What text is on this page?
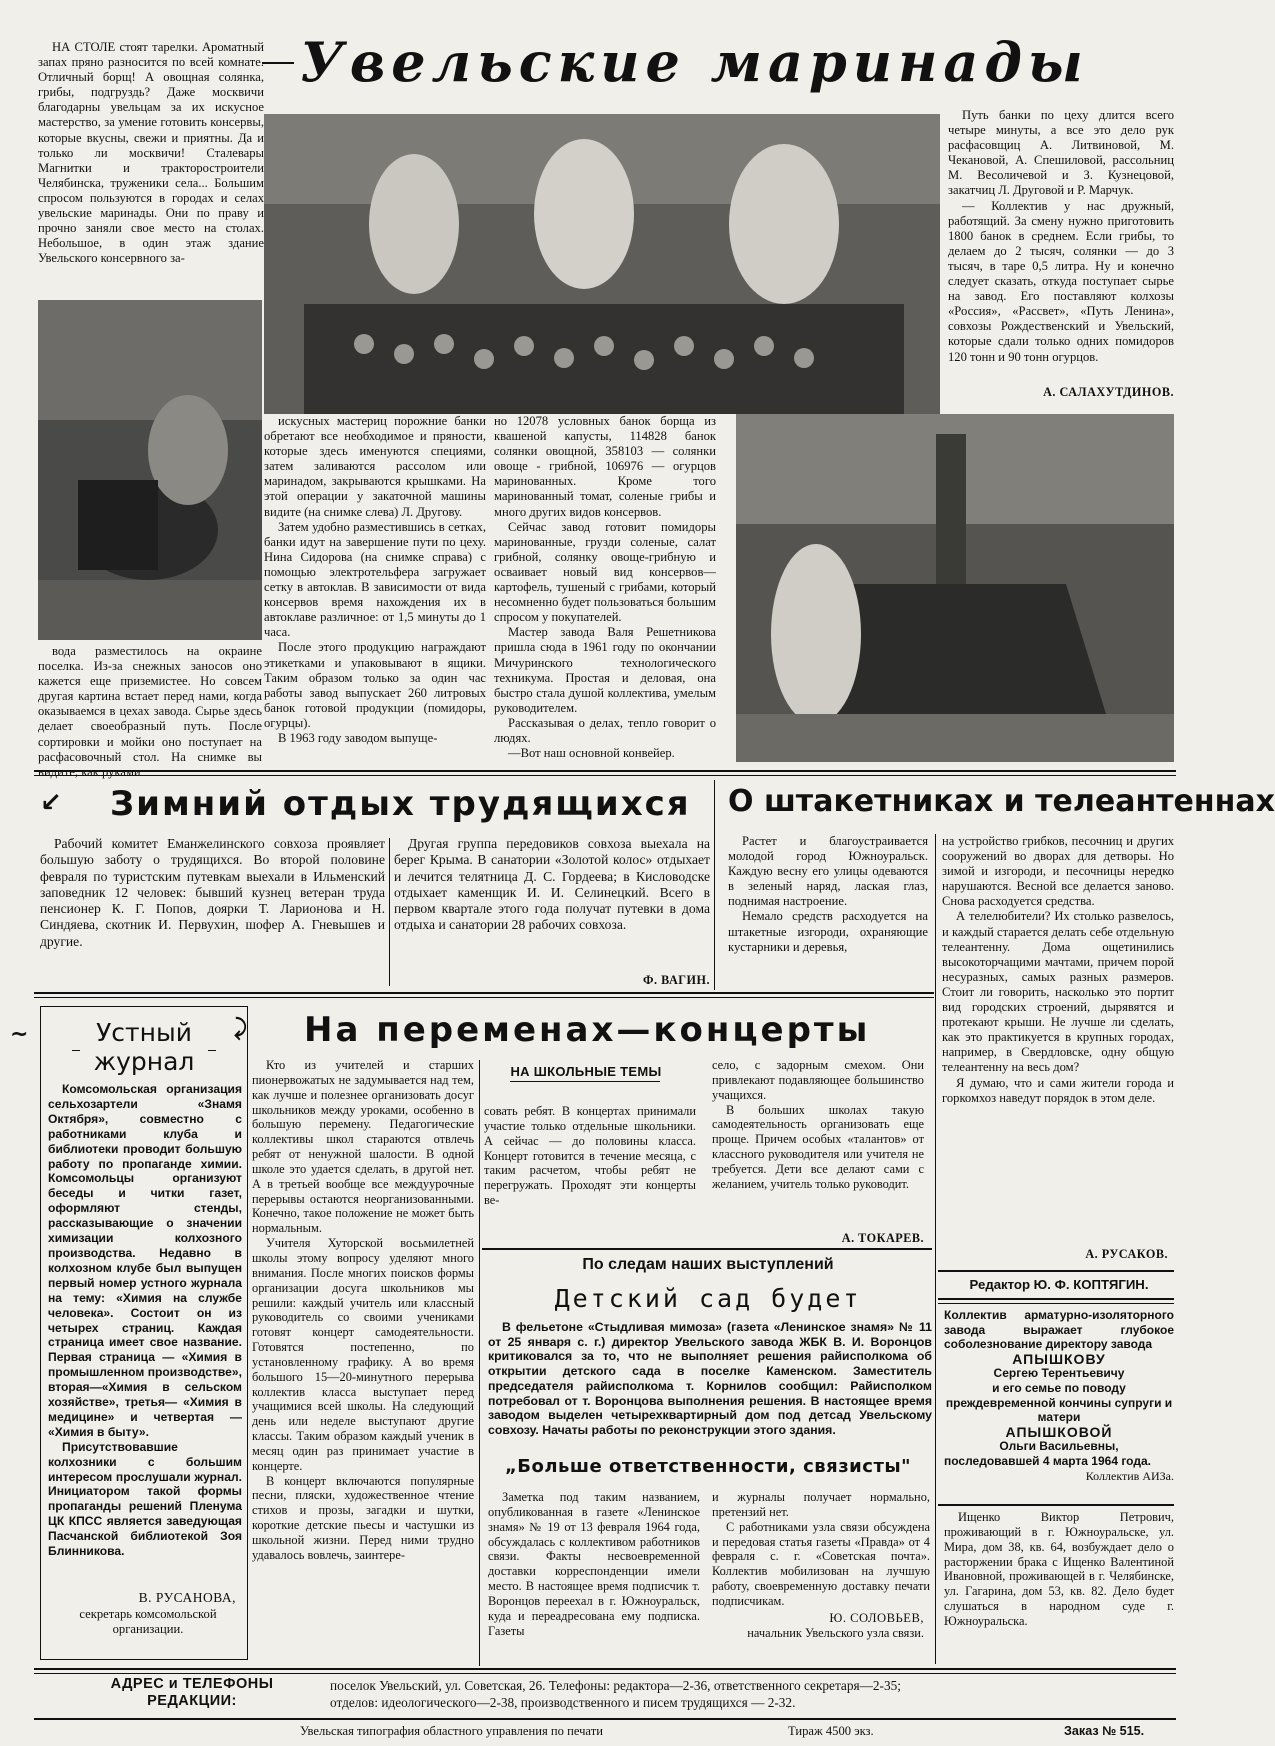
Увельские маринады

НА СТОЛЕ стоят тарелки. Ароматный запах пряно разносится по всей комнате. Отличный борщ! А овощная солянка, грибы, подгруздь? Даже москвичи благодарны увельцам за их искусное мастерство, за умение готовить консервы, которые вкусны, свежи и приятны. Да и только ли москвичи! Сталевары Магнитки и тракторостроители Челябинска, труженики села... Большим спросом пользуются в городах и селах увельские маринады. Они по праву и прочно заняли свое место на столах. Небольшое, в один этаж здание Увельского консервного за-

вода разместилось на окраине поселка. Из-за снежных заносов оно кажется еще приземистее. Но совсем другая картина встает перед нами, когда оказываемся в цехах завода. Сырье здесь делает своеобразный путь. После сортировки и мойки оно поступает на расфасовочный стол. На снимке вы видите, как руками

искусных мастериц порожние банки обретают все необходимое и пряности, которые здесь именуются специями, затем заливаются рассолом или маринадом, закрываются крышками. На этой операции у закаточной машины видите (на снимке слева) Л. Другову.

Затем удобно разместившись в сетках, банки идут на завершение пути по цеху. Нина Сидорова (на снимке справа) с помощью электротельфера загружает сетку в автоклав. В зависимости от вида консервов время нахождения их в автоклаве различное: от 1,5 минуты до 1 часа.

После этого продукцию награждают этикетками и упаковывают в ящики. Таким образом только за один час работы завод выпускает 260 литровых банок готовой продукции (помидоры, огурцы).

В 1963 году заводом выпуще-

но 12078 условных банок борща из квашеной капусты, 114828 банок солянки овощной, 358103 — солянки овоще - грибной, 106976 — огурцов маринованных. Кроме того маринованный томат, соленые грибы и много других видов консервов.

Сейчас завод готовит помидоры маринованные, грузди соленые, салат грибной, солянку овоще-грибную и осваивает новый вид консервов—картофель, тушеный с грибами, который несомненно будет пользоваться большим спросом у покупателей.

Мастер завода Валя Решетникова пришла сюда в 1961 году по окончании Мичуринского технологического техникума. Простая и деловая, она быстро стала душой коллектива, умелым руководителем.

Рассказывая о делах, тепло говорит о людях.

—Вот наш основной конвейер.

Путь банки по цеху длится всего четыре минуты, а все это дело рук расфасовщиц А. Литвиновой, М. Чекановой, А. Спешиловой, рассольниц М. Весоличевой и З. Кузнецовой, закатчиц Л. Друговой и Р. Марчук.

— Коллектив у нас дружный, работящий. За смену нужно приготовить 1800 банок в среднем. Если грибы, то делаем до 2 тысяч, солянки — до 3 тысяч, в таре 0,5 литра. Ну и конечно следует сказать, откуда поступает сырье на завод. Его поставляют колхозы «Россия», «Рассвет», «Путь Ленина», совхозы Рождественский и Увельский, которые сдали только одних помидоров 120 тонн и 90 тонн огурцов.

А. САЛАХУТДИНОВ.
↙ Зимний отдых трудящихся

Рабочий комитет Еманжелинского совхоза проявляет большую заботу о трудящихся. Во второй половине февраля по туристским путевкам выехали в Ильменский заповедник 12 человек: бывший кузнец ветеран труда пенсионер К. Г. Попов, доярки Т. Ларионова и Н. Синдяева, скотник И. Первухин, шофер А. Гневышев и другие.

Другая группа передовиков совхоза выехала на берег Крыма. В санатории «Золотой колос» отдыхает и лечится телятница Д. С. Гордеева; в Кисловодске отдыхает каменщик И. И. Селинецкий. Всего в первом квартале этого года получат путевки в дома отдыха и санатории 28 рабочих совхоза.

Ф. ВАГИН.
О штакетниках и телеантеннах

Растет и благоустраивается молодой город Южноуральск. Каждую весну его улицы одеваются в зеленый наряд, лаская глаз, поднимая настроение.

Немало средств расходуется на штакетные изгороди, охраняющие кустарники и деревья,

на устройство грибков, песочниц и других сооружений во дворах для детворы. Но зимой и изгороди, и песочницы нередко нарушаются. Весной все делается заново. Снова расходуется средства.

А телелюбители? Их столько развелось, и каждый старается делать себе отдельную телеантенну. Дома ощетинились высокоторчащими мачтами, причем порой несуразных, самых разных размеров. Стоит ли говорить, насколько это портит вид городских строений, дырявятся и протекают крыши. Не лучше ли сделать, как это практикуется в крупных городах, например, в Свердловске, одну общую телеантенну на весь дом?

Я думаю, что и сами жители города и горкомхоз наведут порядок в этом деле.

А. РУСАКОВ.
~	Устный
журнал

Комсомольская организация сельхозартели «Знамя Октября», совместно с работниками клуба и библиотеки проводит большую работу по пропаганде химии. Комсомольцы организуют беседы и читки газет, оформляют стенды, рассказывающие о значении химизации колхозного производства. Недавно в колхозном клубе был выпущен первый номер устного журнала на тему: «Химия на службе человека». Состоит он из четырех страниц. Каждая страница имеет свое название. Первая страница — «Химия в промышленном производстве», вторая—«Химия в сельском хозяйстве», третья— «Химия в медицине» и четвертая — «Химия в быту».

Присутствовавшие колхозники с большим интересом прослушали журнал. Инициатором такой формы пропаганды решений Пленума ЦК КПСС является заведующая Пасчанской библиотекой Зоя Блинникова.

В. РУСАНОВА,
секретарь комсомольской организации.
⤸ На переменах—концерты

Кто из учителей и старших пионервожатых не задумывается над тем, как лучше и полезнее организовать досуг школьников между уроками, особенно в большую перемену. Педагогические коллективы школ стараются отвлечь ребят от ненужной шалости. В одной школе это удается сделать, в другой нет. А в третьей вообще все междуурочные перерывы остаются неорганизованными. Конечно, такое положение не может быть нормальным.

Учителя Хуторской восьмилетней школы этому вопросу уделяют много внимания. После многих поисков формы организации досуга школьников мы решили: каждый учитель или классный руководитель со своими учениками готовят концерт самодеятельности. Готовятся постепенно, по установленному графику. А во время большого 15—20-минутного перерыва коллектив класса выступает перед учащимися всей школы. На следующий день или неделе выступают другие классы. Таким образом каждый ученик в месяц один раз принимает участие в концерте.

В концерт включаются популярные песни, пляски, художественное чтение стихов и прозы, загадки и шутки, короткие детские пьесы и частушки из школьной жизни. Перед ними трудно удавалось вовлечь, заинтере-

НА ШКОЛЬНЫЕ ТЕМЫ

совать ребят. В концертах принимали участие только отдельные школьники. А сейчас — до половины класса. Концерт готовится в течение месяца, с таким расчетом, чтобы ребят не перегружать. Проходят эти концерты ве-

село, с задорным смехом. Они привлекают подавляющее большинство учащихся.

В больших школах такую самодеятельность организовать еще проще. Причем особых «талантов» от классного руководителя или учителя не требуется. Дети все делают сами с желанием, учитель только руководит.

А. ТОКАРЕВ.
По следам наших выступлений
Детский сад будет

В фельетоне «Стыдливая мимоза» (газета «Ленинское знамя» № 11 от 25 января с. г.) директор Увельского завода ЖБК В. И. Воронцов критиковался за то, что не выполняет решения райисполкома об открытии детского сада в поселке Каменском. Заместитель председателя райисполкома т. Корнилов сообщил: Райисполком потребовал от т. Воронцова выполнения решения. В настоящее время заводом выделен четырехквартирный дом под детсад Увельскому совхозу. Начаты работы по реконструкции этого здания.

„Больше ответственности, связисты"

Заметка под таким названием, опубликованная в газете «Ленинское знамя» № 19 от 13 февраля 1964 года, обсуждалась с коллективом работников связи. Факты несвоевременной доставки корреспонденции имели место. В настоящее время подписчик т. Воронцов переехал в г. Южноуральск, куда и переадресована ему подписка. Газеты

и журналы получает нормально, претензий нет.

С работниками узла связи обсуждена и передовая статья газеты «Правда» от 4 февраля с. г. «Советская почта». Коллектив мобилизован на лучшую работу, своевременную доставку печати подписчикам.

Ю. СОЛОВЬЕВ,
начальник Увельского узла связи.
Редактор Ю. Ф. КОПТЯГИН.
Коллектив арматурно-изоляторного завода выражает глубокое соболезнование директору завода
АПЫШКОВУ
Сергею Терентьевичу
и его семье по поводу преждевременной кончины супруги и матери
АПЫШКОВОЙ
Ольги Васильевны,
последовавшей 4 марта 1964 года.
Коллектив АИЗа.

Ищенко Виктор Петрович, проживающий в г. Южноуральске, ул. Мира, дом 38, кв. 64, возбуждает дело о расторжении брака с Ищенко Валентиной Ивановной, проживающей в г. Челябинске, ул. Гагарина, дом 53, кв. 82. Дело будет слушаться в народном суде г. Южноуральска.

АДРЕС и ТЕЛЕФОНЫ РЕДАКЦИИ:
поселок Увельский, ул. Советская, 26. Телефоны: редактора—2-36, ответственного секретаря—2-35;
отделов: идеологического—2-38, производственного и писем трудящихся — 2-32.
Увельская типография областного управления по печати	Тираж 4500 экз.	Заказ № 515.
